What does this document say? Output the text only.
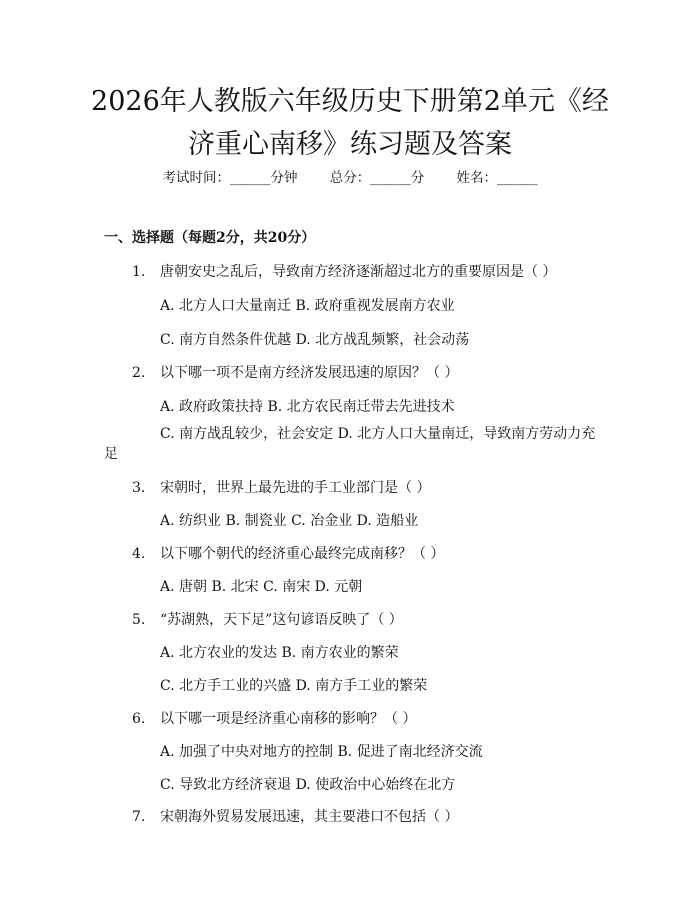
2026年人教版六年级历史下册第2单元《经
济重心南移》练习题及答案
考试时间：______分钟 总分：______分 姓名：______
一、选择题（每题2分，共20分）
1. 唐朝安史之乱后，导致南方经济逐渐超过北方的重要原因是（ ）
A. 北方人口大量南迁 B. 政府重视发展南方农业
C. 南方自然条件优越 D. 北方战乱频繁，社会动荡
2. 以下哪一项不是南方经济发展迅速的原因？（ ）
A. 政府政策扶持 B. 北方农民南迁带去先进技术
C. 南方战乱较少，社会安定 D. 北方人口大量南迁，导致南方劳动力充
足
3. 宋朝时，世界上最先进的手工业部门是（ ）
A. 纺织业 B. 制瓷业 C. 冶金业 D. 造船业
4. 以下哪个朝代的经济重心最终完成南移？（ ）
A. 唐朝 B. 北宋 C. 南宋 D. 元朝
5. “苏湖熟，天下足”这句谚语反映了（ ）
A. 北方农业的发达 B. 南方农业的繁荣
C. 北方手工业的兴盛 D. 南方手工业的繁荣
6. 以下哪一项是经济重心南移的影响？（ ）
A. 加强了中央对地方的控制 B. 促进了南北经济交流
C. 导致北方经济衰退 D. 使政治中心始终在北方
7. 宋朝海外贸易发展迅速，其主要港口不包括（ ）
